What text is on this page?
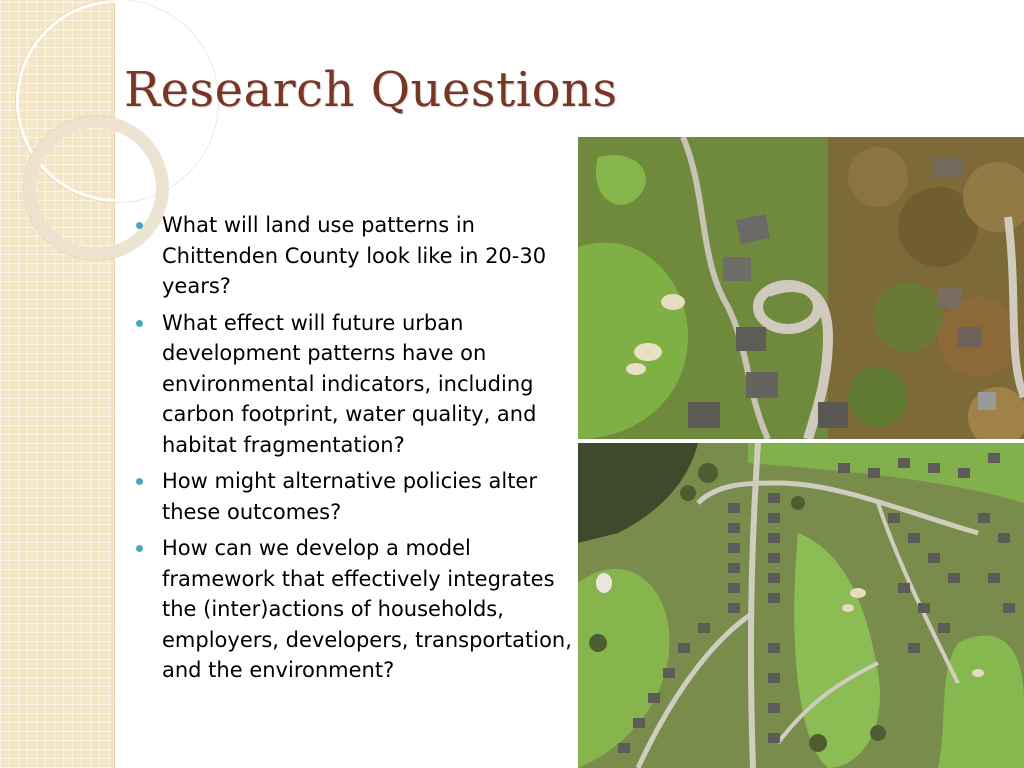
Research Questions
What will land use patterns in Chittenden County look like in 20-30 years?
What effect will future urban development patterns have on environmental indicators, including carbon footprint, water quality, and habitat fragmentation?
How might alternative policies alter these outcomes?
How can we develop a model framework that effectively integrates the (inter)actions of households, employers, developers, transportation, and the environment?
